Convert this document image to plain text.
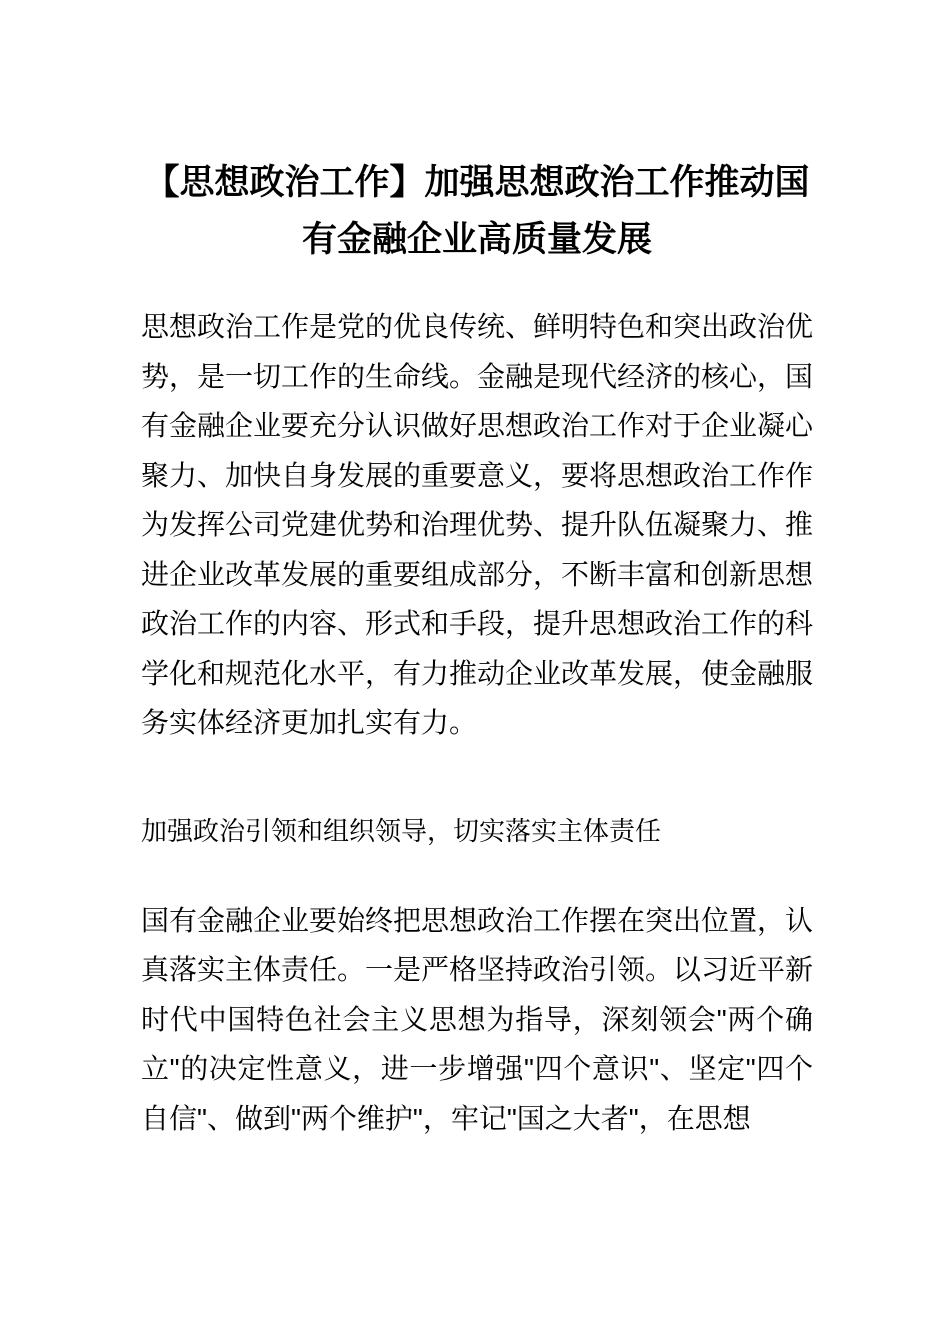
【思想政治工作】加强思想政治工作推动国有金融企业高质量发展

思想政治工作是党的优良传统、鲜明特色和突出政治优势，是一切工作的生命线。金融是现代经济的核心，国有金融企业要充分认识做好思想政治工作对于企业凝心聚力、加快自身发展的重要意义，要将思想政治工作作为发挥公司党建优势和治理优势、提升队伍凝聚力、推进企业改革发展的重要组成部分，不断丰富和创新思想政治工作的内容、形式和手段，提升思想政治工作的科学化和规范化水平，有力推动企业改革发展，使金融服务实体经济更加扎实有力。

加强政治引领和组织领导，切实落实主体责任

国有金融企业要始终把思想政治工作摆在突出位置，认真落实主体责任。一是严格坚持政治引领。以习近平新时代中国特色社会主义思想为指导，深刻领会"两个确立"的决定性意义，进一步增强"四个意识"、坚定"四个自信"、做到"两个维护"，牢记"国之大者"，在思想
